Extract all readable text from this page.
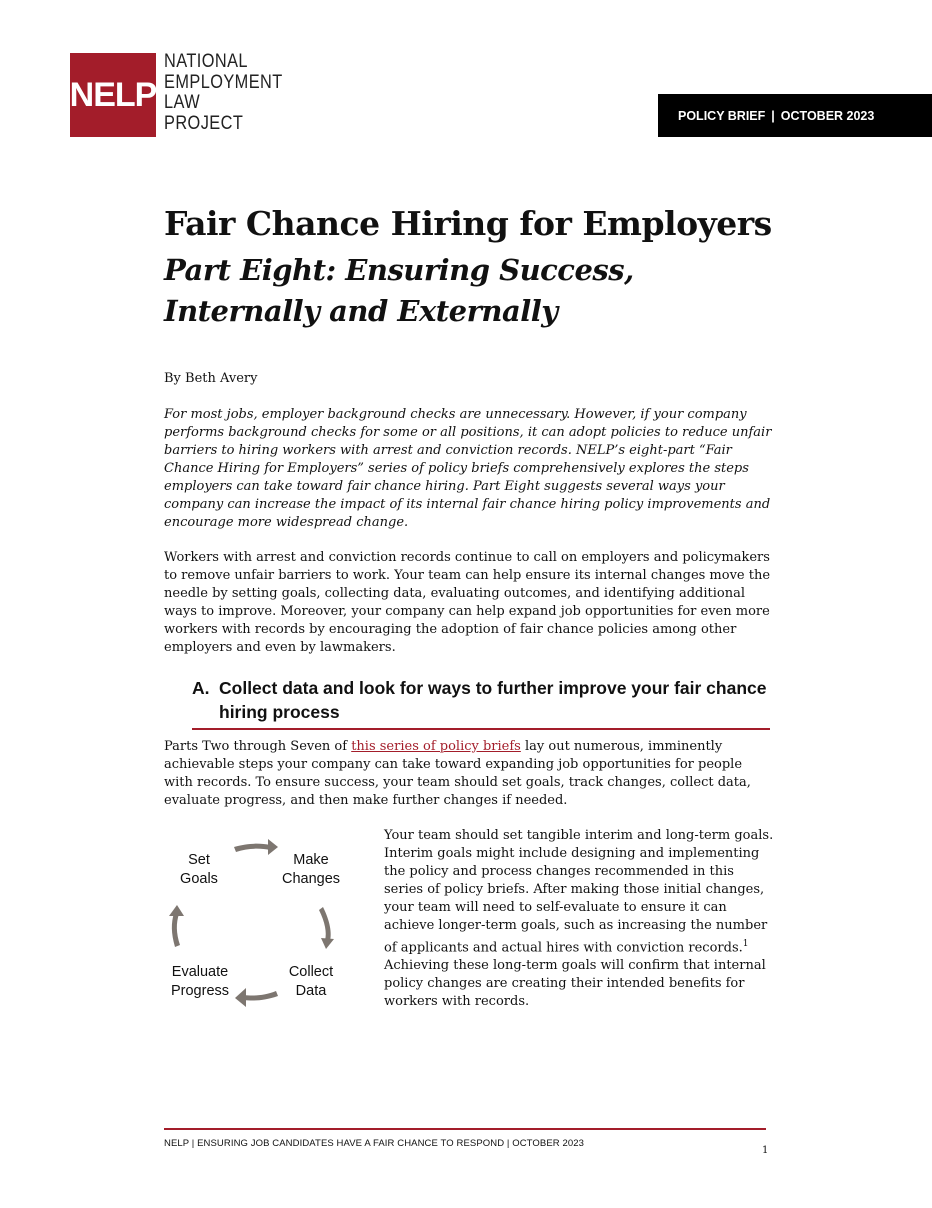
NELP
NATIONAL
EMPLOYMENT
LAW
PROJECT	POLICY BRIEF | OCTOBER 2023
Fair Chance Hiring for Employers
Part Eight: Ensuring Success,
Internally and Externally
By Beth Avery
For most jobs, employer background checks are unnecessary. However, if your company performs background checks for some or all positions, it can adopt policies to reduce unfair barriers to hiring workers with arrest and conviction records. NELP’s eight-part “Fair Chance Hiring for Employers” series of policy briefs comprehensively explores the steps employers can take toward fair chance hiring. Part Eight suggests several ways your company can increase the impact of its internal fair chance hiring policy improvements and encourage more widespread change.
Workers with arrest and conviction records continue to call on employers and policymakers to remove unfair barriers to work. Your team can help ensure its internal changes move the needle by setting goals, collecting data, evaluating outcomes, and identifying additional ways to improve. Moreover, your company can help expand job opportunities for even more workers with records by encouraging the adoption of fair chance policies among other employers and even by lawmakers.
A. Collect data and look for ways to further improve your fair chance hiring process
Parts Two through Seven of this series of policy briefs lay out numerous, imminently achievable steps your company can take toward expanding job opportunities for people with records. To ensure success, your team should set goals, track changes, collect data, evaluate progress, and then make further changes if needed.
Set
Goals
Make
Changes
Collect
Data
Evaluate
Progress
Your team should set tangible interim and long-term goals. Interim goals might include designing and implementing the policy and process changes recommended in this series of policy briefs. After making those initial changes, your team will need to self-evaluate to ensure it can achieve longer-term goals, such as increasing the number of applicants and actual hires with conviction records.$^1$ Achieving these long-term goals will confirm that internal policy changes are creating their intended benefits for workers with records.
NELP | ENSURING JOB CANDIDATES HAVE A FAIR CHANCE TO RESPOND | OCTOBER 2023
1
